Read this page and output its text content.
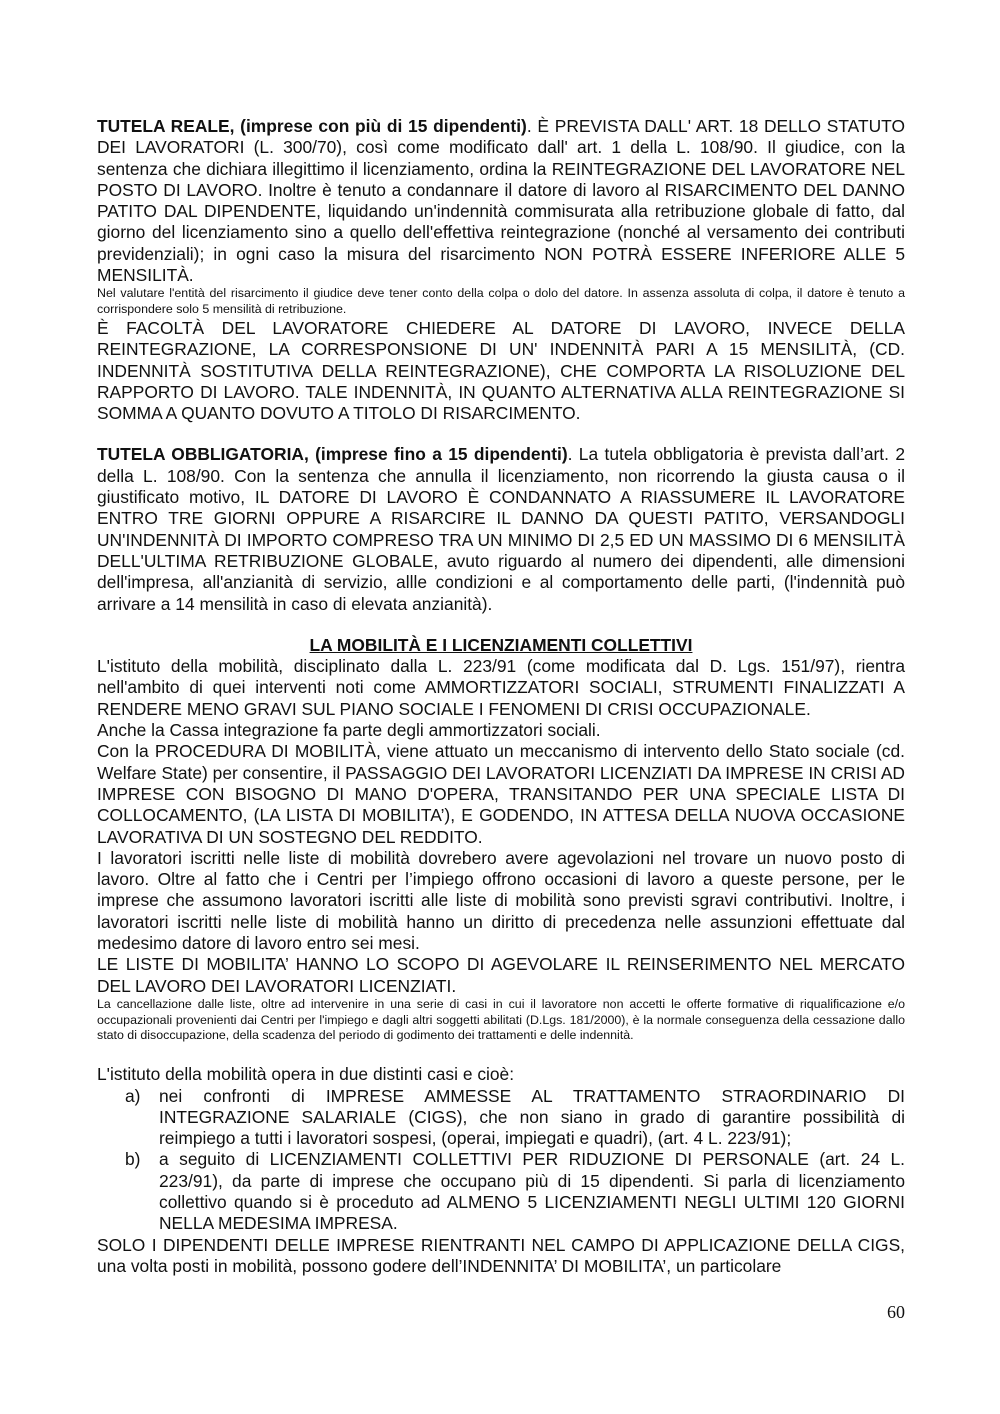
TUTELA REALE, (imprese con più di 15 dipendenti). È PREVISTA DALL' ART. 18 DELLO STATUTO DEI LAVORATORI (L. 300/70), così come modificato dall' art. 1 della L. 108/90. Il giudice, con la sentenza che dichiara illegittimo il licenziamento, ordina la REINTEGRAZIONE DEL LAVORATORE NEL POSTO DI LAVORO. Inoltre è tenuto a condannare il datore di lavoro al RISARCIMENTO DEL DANNO PATITO DAL DIPENDENTE, liquidando un'indennità commisurata alla retribuzione globale di fatto, dal giorno del licenziamento sino a quello dell'effettiva reintegrazione (nonché al versamento dei contributi previdenziali); in ogni caso la misura del risarcimento NON POTRÀ ESSERE INFERIORE ALLE 5 MENSILITÀ.

Nel valutare l'entità del risarcimento il giudice deve tener conto della colpa o dolo del datore. In assenza assoluta di colpa, il datore è tenuto a corrispondere solo 5 mensilità di retribuzione.

È FACOLTÀ DEL LAVORATORE CHIEDERE AL DATORE DI LAVORO, INVECE DELLA REINTEGRAZIONE, LA CORRESPONSIONE DI UN' INDENNITÀ PARI A 15 MENSILITÀ, (CD. INDENNITÀ SOSTITUTIVA DELLA REINTEGRAZIONE), CHE COMPORTA LA RISOLUZIONE DEL RAPPORTO DI LAVORO. TALE INDENNITÀ, IN QUANTO ALTERNATIVA ALLA REINTEGRAZIONE SI SOMMA A QUANTO DOVUTO A TITOLO DI RISARCIMENTO.

TUTELA OBBLIGATORIA, (imprese fino a 15 dipendenti). La tutela obbligatoria è prevista dall’art. 2 della L. 108/90. Con la sentenza che annulla il licenziamento, non ricorrendo la giusta causa o il giustificato motivo, IL DATORE DI LAVORO È CONDANNATO A RIASSUMERE IL LAVORATORE ENTRO TRE GIORNI OPPURE A RISARCIRE IL DANNO DA QUESTI PATITO, VERSANDOGLI UN'INDENNITÀ DI IMPORTO COMPRESO TRA UN MINIMO DI 2,5 ED UN MASSIMO DI 6 MENSILITÀ DELL'ULTIMA RETRIBUZIONE GLOBALE, avuto riguardo al numero dei dipendenti, alle dimensioni dell'impresa, all'anzianità di servizio, allle condizioni e al comportamento delle parti, (l'indennità può arrivare a 14 mensilità in caso di elevata anzianità).

LA MOBILITÀ E I LICENZIAMENTI COLLETTIVI

L'istituto della mobilità, disciplinato dalla L. 223/91 (come modificata dal D. Lgs. 151/97), rientra nell'ambito di quei interventi noti come AMMORTIZZATORI SOCIALI, STRUMENTI FINALIZZATI A RENDERE MENO GRAVI SUL PIANO SOCIALE I FENOMENI DI CRISI OCCUPAZIONALE.

Anche la Cassa integrazione fa parte degli ammortizzatori sociali.

Con la PROCEDURA DI MOBILITÀ, viene attuato un meccanismo di intervento dello Stato sociale (cd. Welfare State) per consentire, il PASSAGGIO DEI LAVORATORI LICENZIATI DA IMPRESE IN CRISI AD IMPRESE CON BISOGNO DI MANO D'OPERA, TRANSITANDO PER UNA SPECIALE LISTA DI COLLOCAMENTO, (LA LISTA DI MOBILITA’), E GODENDO, IN ATTESA DELLA NUOVA OCCASIONE LAVORATIVA DI UN SOSTEGNO DEL REDDITO.

I lavoratori iscritti nelle liste di mobilità dovrebero avere agevolazioni nel trovare un nuovo posto di lavoro. Oltre al fatto che i Centri per l’impiego offrono occasioni di lavoro a queste persone, per le imprese che assumono lavoratori iscritti alle liste di mobilità sono previsti sgravi contributivi. Inoltre, i lavoratori iscritti nelle liste di mobilità hanno un diritto di precedenza nelle assunzioni effettuate dal medesimo datore di lavoro entro sei mesi.

LE LISTE DI MOBILITA’ HANNO LO SCOPO DI AGEVOLARE IL REINSERIMENTO NEL MERCATO DEL LAVORO DEI LAVORATORI LICENZIATI.

La cancellazione dalle liste, oltre ad intervenire in una serie di casi in cui il lavoratore non accetti le offerte formative di riqualificazione e/o occupazionali provenienti dai Centri per l'impiego e dagli altri soggetti abilitati (D.Lgs. 181/2000), è la normale conseguenza della cessazione dallo stato di disoccupazione, della scadenza del periodo di godimento dei trattamenti e delle indennità.

L'istituto della mobilità opera in due distinti casi e cioè:

a)	nei confronti di IMPRESE AMMESSE AL TRATTAMENTO STRAORDINARIO DI INTEGRAZIONE SALARIALE (CIGS), che non siano in grado di garantire possibilità di reimpiego a tutti i lavoratori sospesi, (operai, impiegati e quadri), (art. 4 L. 223/91);
b)	a seguito di LICENZIAMENTI COLLETTIVI PER RIDUZIONE DI PERSONALE (art. 24 L. 223/91), da parte di imprese che occupano più di 15 dipendenti. Si parla di licenziamento collettivo quando si è proceduto ad ALMENO 5 LICENZIAMENTI NEGLI ULTIMI 120 GIORNI NELLA MEDESIMA IMPRESA.

SOLO I DIPENDENTI DELLE IMPRESE RIENTRANTI NEL CAMPO DI APPLICAZIONE DELLA CIGS, una volta posti in mobilità, possono godere dell’INDENNITA’ DI MOBILITA’, un particolare

60
